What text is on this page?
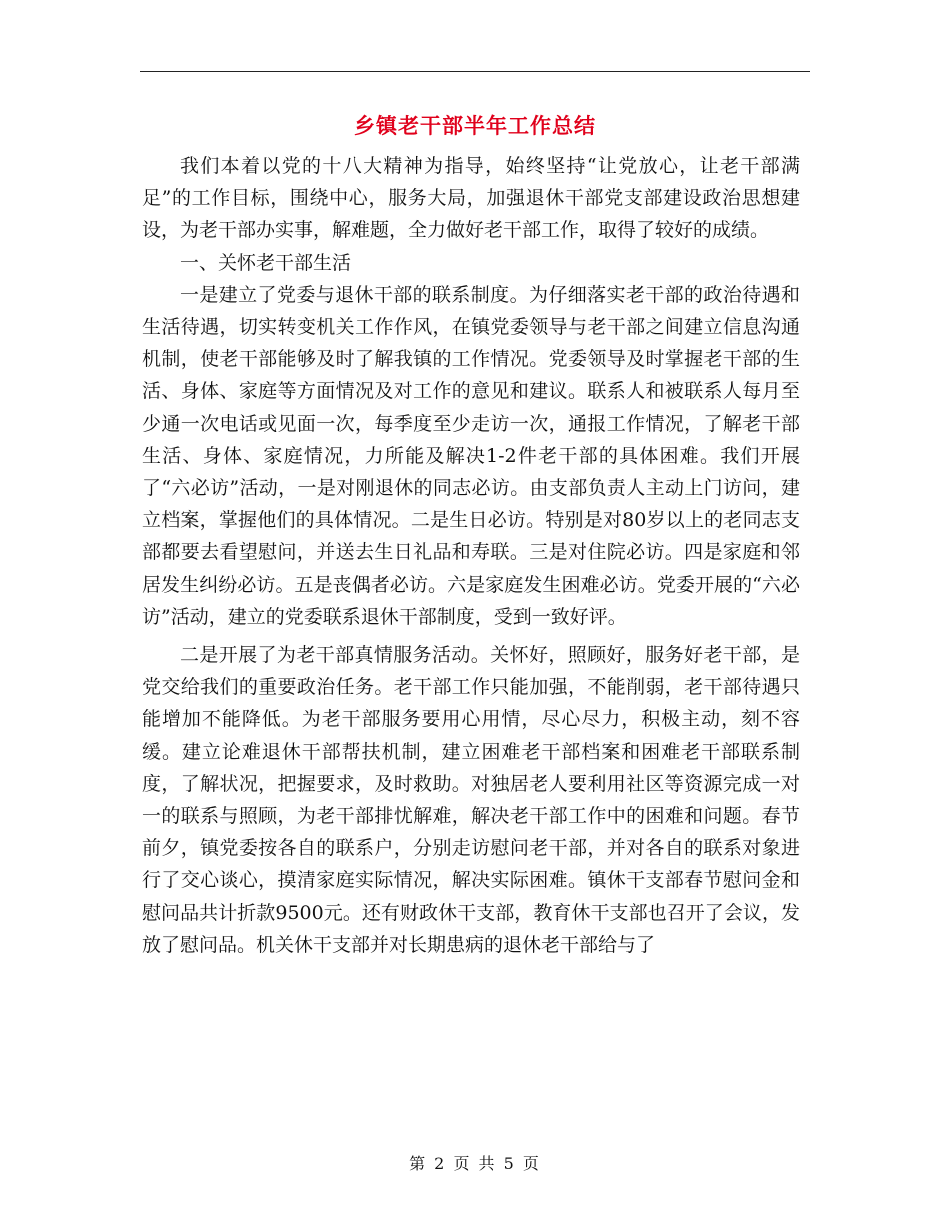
乡镇老干部半年工作总结

我们本着以党的十八大精神为指导，始终坚持“让党放心，让老干部满足”的工作目标，围绕中心，服务大局，加强退休干部党支部建设政治思想建设，为老干部办实事，解难题，全力做好老干部工作，取得了较好的成绩。

一、关怀老干部生活

一是建立了党委与退休干部的联系制度。为仔细落实老干部的政治待遇和生活待遇，切实转变机关工作作风，在镇党委领导与老干部之间建立信息沟通机制，使老干部能够及时了解我镇的工作情况。党委领导及时掌握老干部的生活、身体、家庭等方面情况及对工作的意见和建议。联系人和被联系人每月至少通一次电话或见面一次，每季度至少走访一次，通报工作情况，了解老干部生活、身体、家庭情况，力所能及解决1-2件老干部的具体困难。我们开展了“六必访”活动，一是对刚退休的同志必访。由支部负责人主动上门访问，建立档案，掌握他们的具体情况。二是生日必访。特别是对80岁以上的老同志支部都要去看望慰问，并送去生日礼品和寿联。三是对住院必访。四是家庭和邻居发生纠纷必访。五是丧偶者必访。六是家庭发生困难必访。党委开展的“六必访”活动，建立的党委联系退休干部制度，受到一致好评。

二是开展了为老干部真情服务活动。关怀好，照顾好，服务好老干部，是党交给我们的重要政治任务。老干部工作只能加强，不能削弱，老干部待遇只能增加不能降低。为老干部服务要用心用情，尽心尽力，积极主动，刻不容缓。建立论难退休干部帮扶机制，建立困难老干部档案和困难老干部联系制度，了解状况，把握要求，及时救助。对独居老人要利用社区等资源完成一对一的联系与照顾，为老干部排忧解难，解决老干部工作中的困难和问题。春节前夕，镇党委按各自的联系户，分别走访慰问老干部，并对各自的联系对象进行了交心谈心，摸清家庭实际情况，解决实际困难。镇休干支部春节慰问金和慰问品共计折款9500元。还有财政休干支部，教育休干支部也召开了会议，发放了慰问品。机关休干支部并对长期患病的退休老干部给与了

第 2 页 共 5 页
